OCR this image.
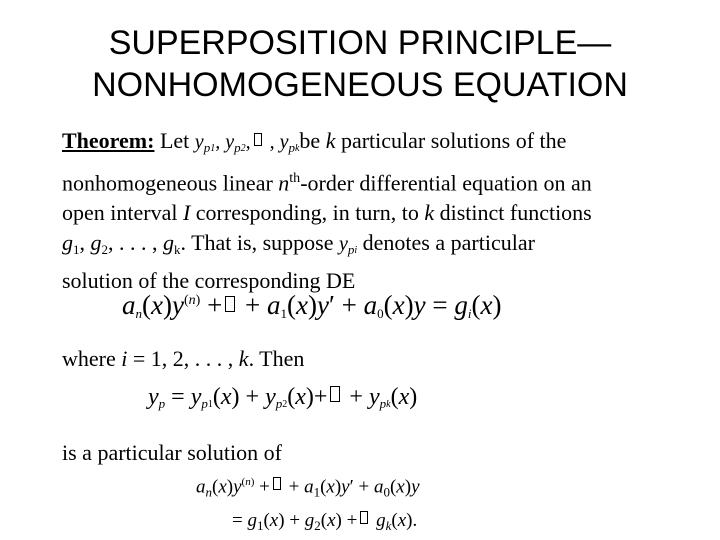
SUPERPOSITION PRINCIPLE—
NONHOMOGENEOUS EQUATION

Theorem: Let $y_p1$, $y_p2$, , $y_pkbe$ k particular solutions of the

nonhomogeneous linear $n^{th}$-order differential equation on an

open interval I corresponding, in turn, to k distinct functions

$g_1$, $g_2$, . . . , $g_k$. That is, suppose $y_pi$ denotes a particular

solution of the corresponding DE

$a_n(x)y^{(n)}$ + + $a_1(x)y' + a_0(x)y = g_i(x)$
where i = 1, 2, . . . , k. Then
$y_p = y_p1(x) + y_p2(x)+ + y_pk(x)$
is a particular solution of
$a_n(x)y^{(n)}$ + + $a_1(x)y' + a_0(x)y$
= $g_1(x) + g_2(x) + g_k(x)$.
